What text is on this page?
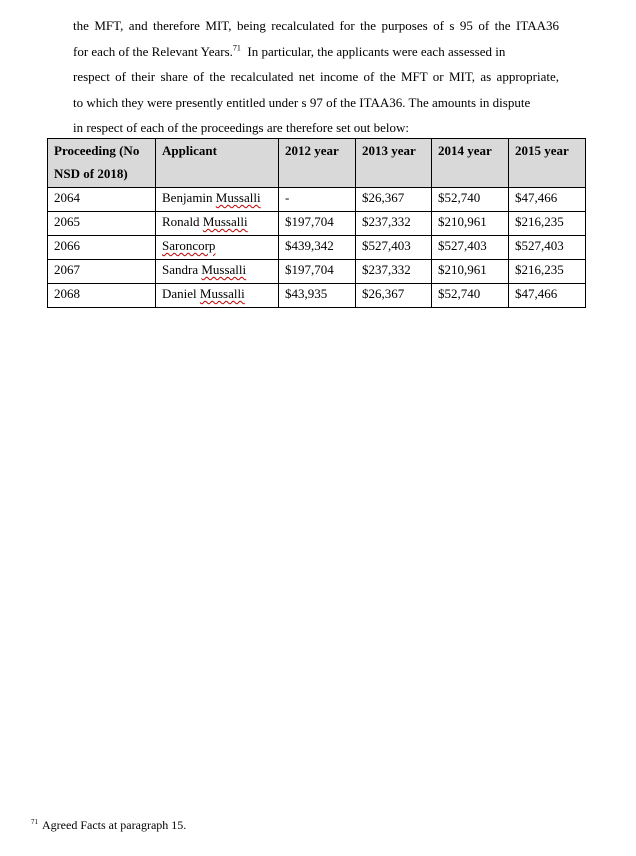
the MFT, and therefore MIT, being recalculated for the purposes of s 95 of the ITAA36
for each of the Relevant Years.$^{71}$ In particular, the applicants were each assessed in
respect of their share of the recalculated net income of the MFT or MIT, as appropriate,
to which they were presently entitled under s 97 of the ITAA36. The amounts in dispute
in respect of each of the proceedings are therefore set out below:
Proceeding (No NSD of 2018)	Applicant	2012 year	2013 year	2014 year	2015 year
2064	Benjamin Mussalli	-	$26,367	$52,740	$47,466
2065	Ronald Mussalli	$197,704	$237,332	$210,961	$216,235
2066	Saroncorp	$439,342	$527,403	$527,403	$527,403
2067	Sandra Mussalli	$197,704	$237,332	$210,961	$216,235
2068	Daniel Mussalli	$43,935	$26,367	$52,740	$47,466
$^{71}$ Agreed Facts at paragraph 15.
